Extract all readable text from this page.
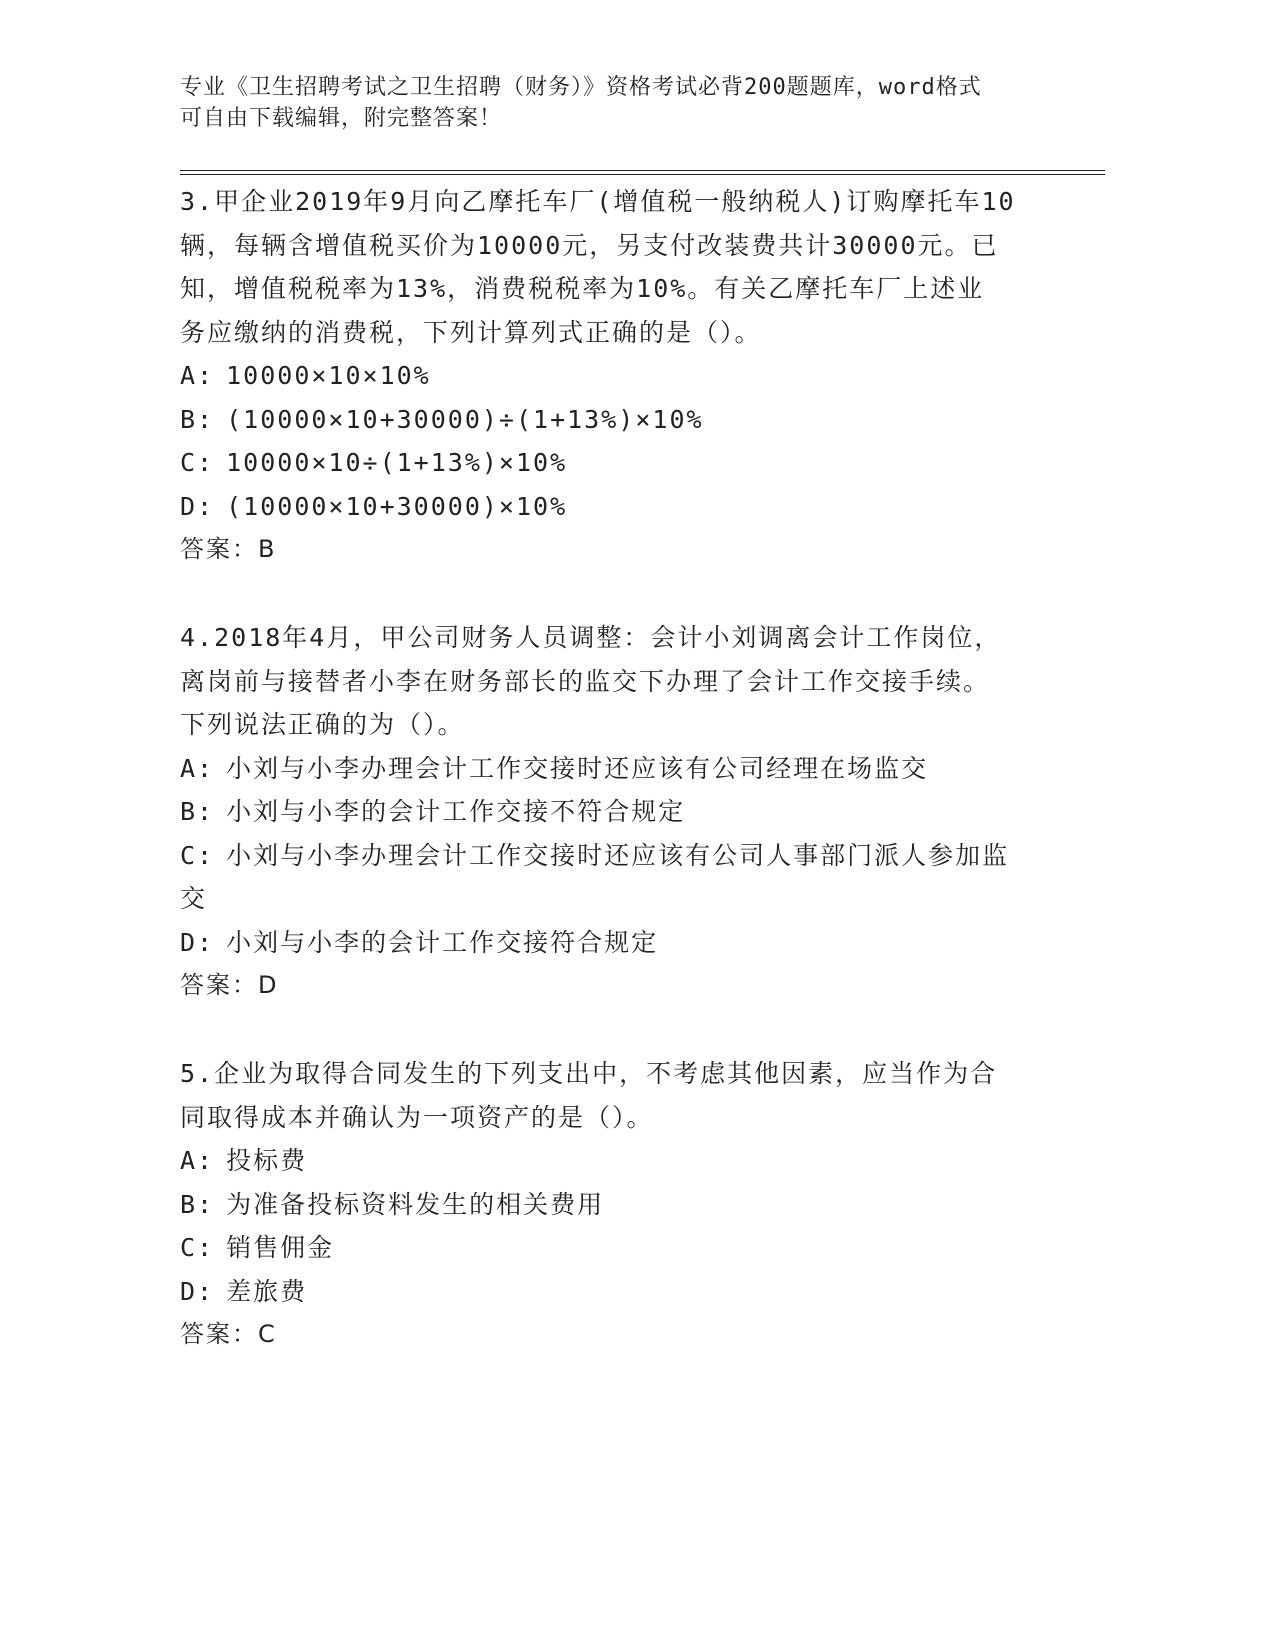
专业《卫生招聘考试之卫生招聘（财务）》资格考试必背200题题库，word格式
可自由下载编辑，附完整答案！
3.甲企业2019年9月向乙摩托车厂(增值税一般纳税人)订购摩托车10
辆，每辆含增值税买价为10000元，另支付改装费共计30000元。已
知，增值税税率为13%，消费税税率为10%。有关乙摩托车厂上述业
务应缴纳的消费税，下列计算列式正确的是（）。
A: 10000×10×10%
B: (10000×10+30000)÷(1+13%)×10%
C: 10000×10÷(1+13%)×10%
D: (10000×10+30000)×10%
答案：B
4.2018年4月，甲公司财务人员调整：会计小刘调离会计工作岗位，
离岗前与接替者小李在财务部长的监交下办理了会计工作交接手续。
下列说法正确的为（）。
A: 小刘与小李办理会计工作交接时还应该有公司经理在场监交
B: 小刘与小李的会计工作交接不符合规定
C: 小刘与小李办理会计工作交接时还应该有公司人事部门派人参加监
交
D: 小刘与小李的会计工作交接符合规定
答案：D
5.企业为取得合同发生的下列支出中，不考虑其他因素，应当作为合
同取得成本并确认为一项资产的是（）。
A: 投标费
B: 为准备投标资料发生的相关费用
C: 销售佣金
D: 差旅费
答案：C
